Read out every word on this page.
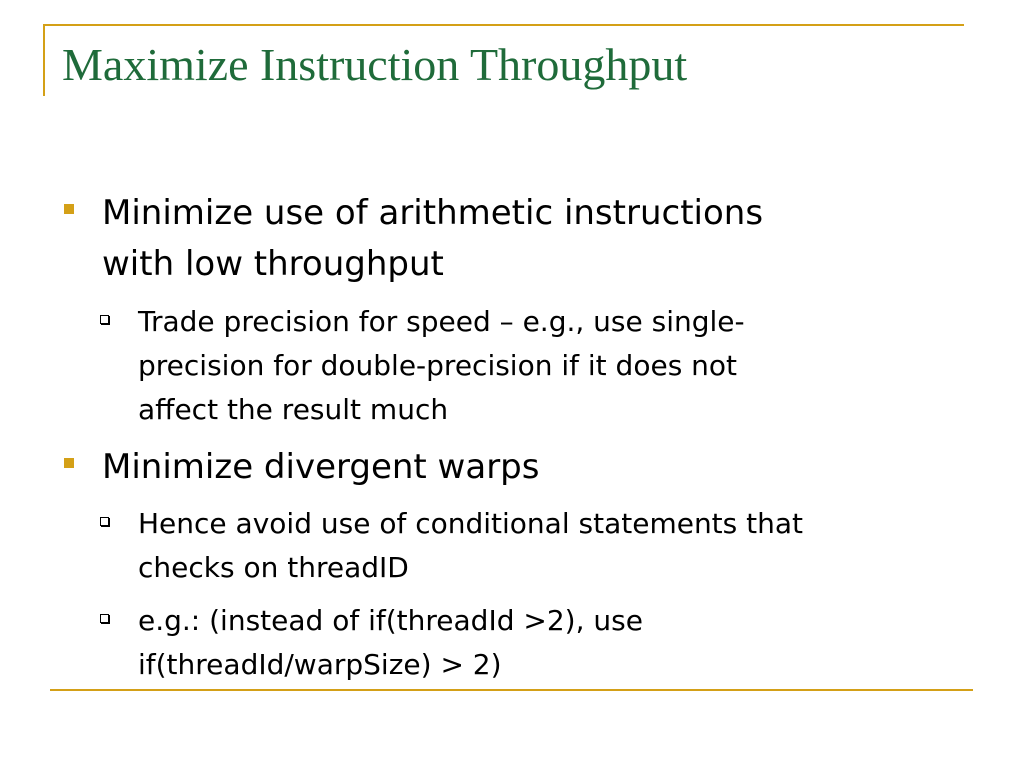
Maximize Instruction Throughput
Minimize use of arithmetic instructions
with low throughput
Trade precision for speed – e.g., use single-
precision for double-precision if it does not
affect the result much
Minimize divergent warps
Hence avoid use of conditional statements that
checks on threadID
e.g.: (instead of if(threadId >2), use
if(threadId/warpSize) > 2)
